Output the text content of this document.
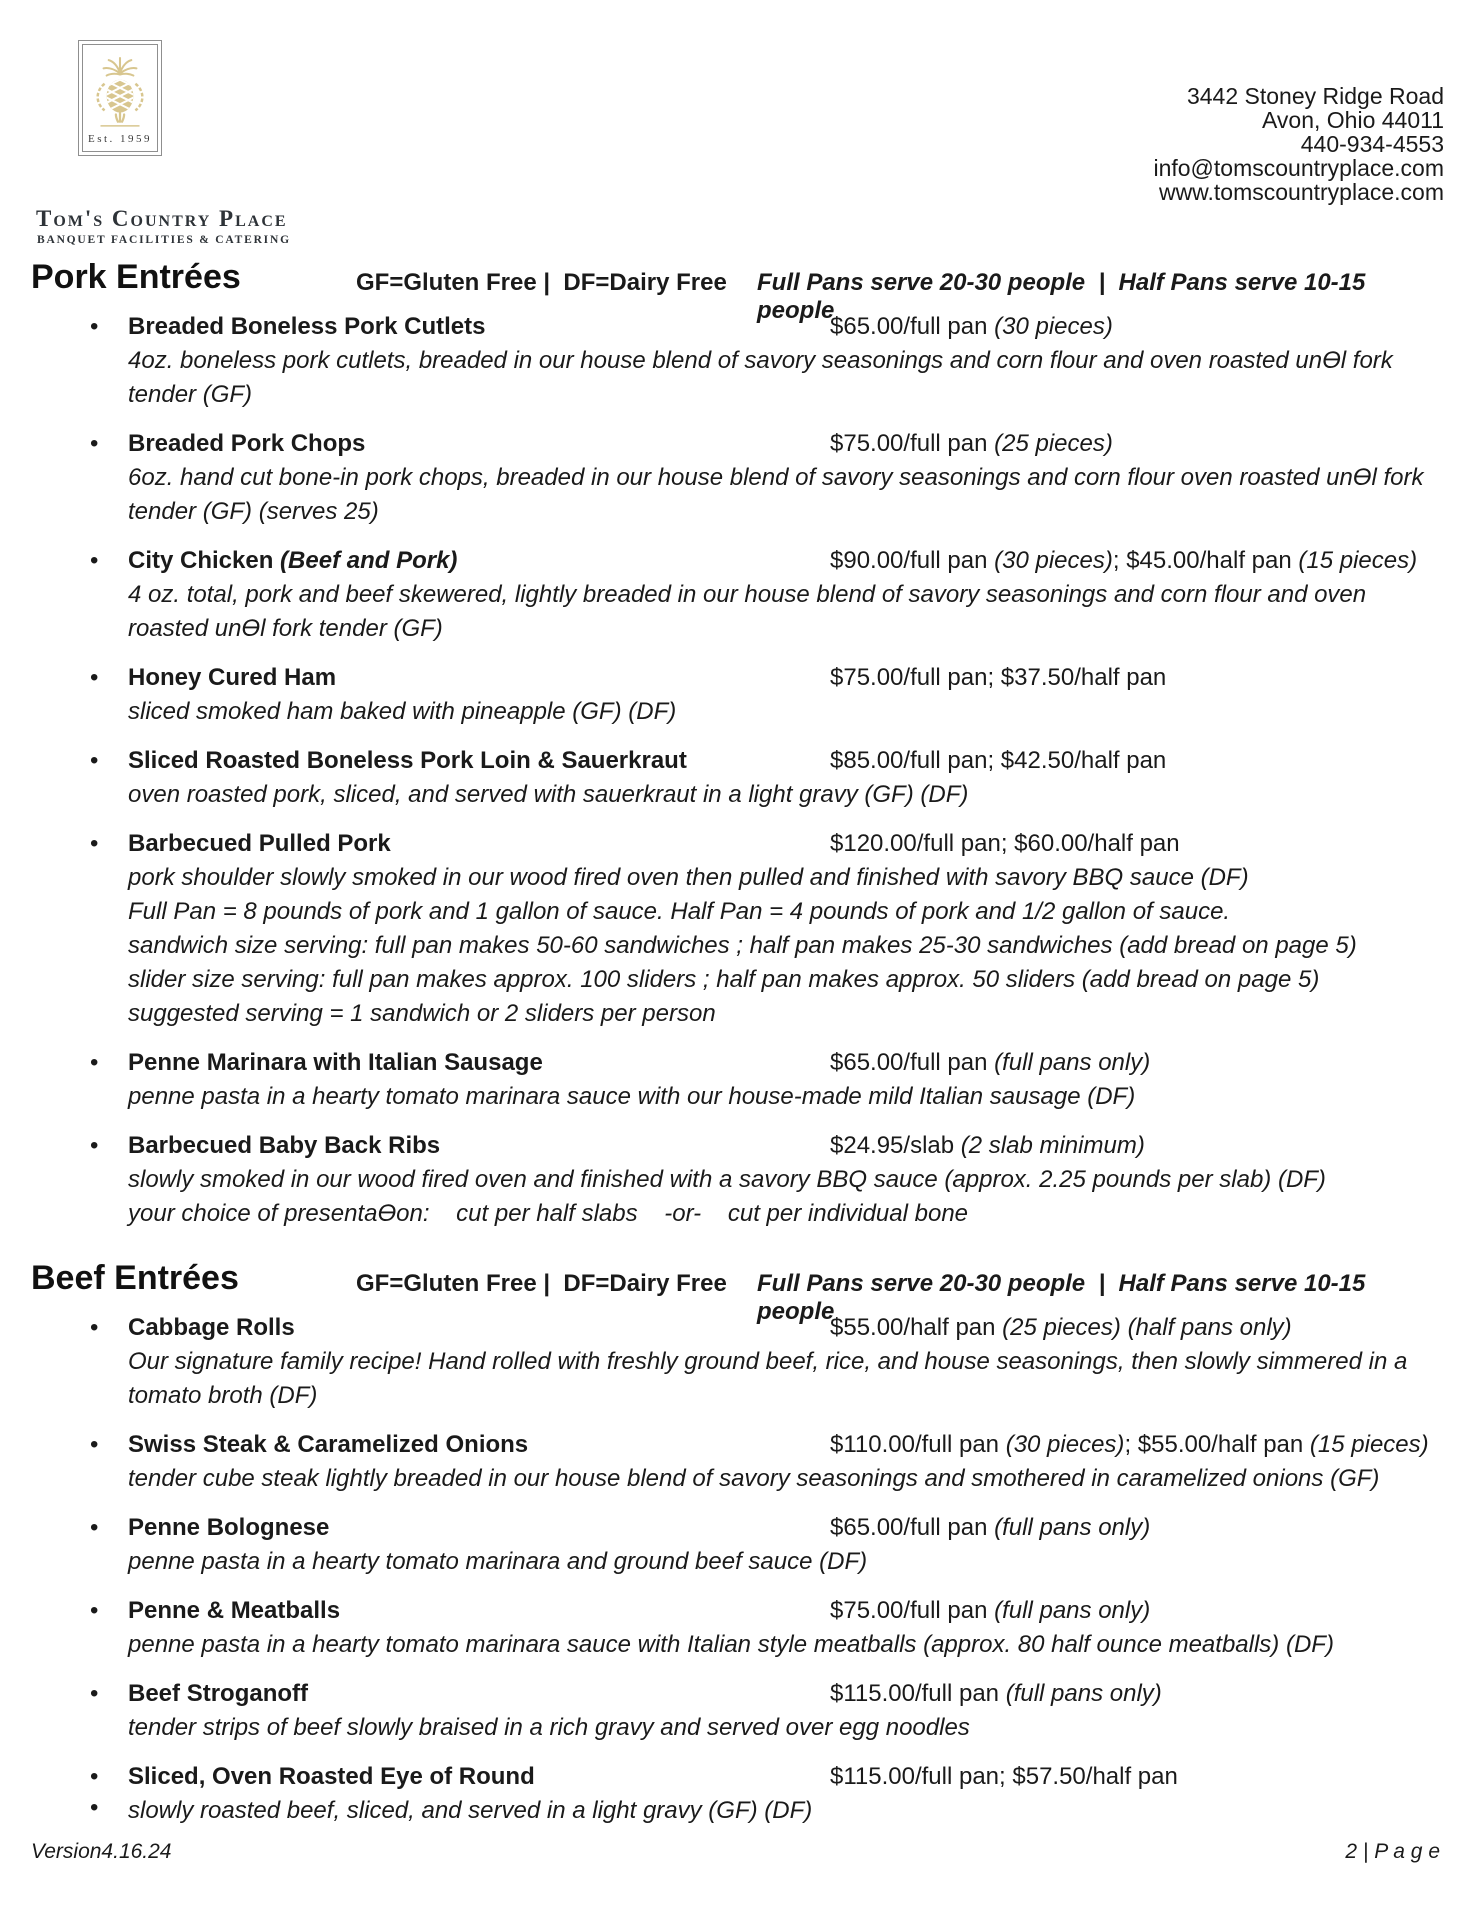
Est. 1959
Tom's Country Place
BANQUET FACILITIES & CATERING
3442 Stoney Ridge Road
Avon, Ohio 44011
440-934-4553
info@tomscountryplace.com
www.tomscountryplace.com
Pork Entrées	GF=Gluten Free |  DF=Dairy Free Full Pans serve 20-30 people  |  Half Pans serve 10-15 people
• Breaded Boneless Pork Cutlets	$65.00/full pan (30 pieces)
4oz. boneless pork cutlets, breaded in our house blend of savory seasonings and corn flour and oven roasted unƟl fork tender (GF)
• Breaded Pork Chops	$75.00/full pan (25 pieces)
6oz. hand cut bone-in pork chops, breaded in our house blend of savory seasonings and corn flour oven roasted unƟl fork tender (GF) (serves 25)
• City Chicken (Beef and Pork)	$90.00/full pan (30 pieces); $45.00/half pan (15 pieces)
4 oz. total, pork and beef skewered, lightly breaded in our house blend of savory seasonings and corn flour and oven roasted unƟl fork tender (GF)
• Honey Cured Ham	$75.00/full pan; $37.50/half pan
sliced smoked ham baked with pineapple (GF) (DF)
• Sliced Roasted Boneless Pork Loin & Sauerkraut	$85.00/full pan; $42.50/half pan
oven roasted pork, sliced, and served with sauerkraut in a light gravy (GF) (DF)
• Barbecued Pulled Pork	$120.00/full pan; $60.00/half pan
pork shoulder slowly smoked in our wood fired oven then pulled and finished with savory BBQ sauce (DF)
Full Pan = 8 pounds of pork and 1 gallon of sauce. Half Pan = 4 pounds of pork and 1/2 gallon of sauce.
sandwich size serving: full pan makes 50-60 sandwiches ; half pan makes 25-30 sandwiches (add bread on page 5)
slider size serving: full pan makes approx. 100 sliders ; half pan makes approx. 50 sliders (add bread on page 5)
suggested serving = 1 sandwich or 2 sliders per person
• Penne Marinara with Italian Sausage	$65.00/full pan (full pans only)
penne pasta in a hearty tomato marinara sauce with our house-made mild Italian sausage (DF)
• Barbecued Baby Back Ribs	$24.95/slab (2 slab minimum)
slowly smoked in our wood fired oven and finished with a savory BBQ sauce (approx. 2.25 pounds per slab) (DF)
your choice of presentaƟon:    cut per half slabs    -or-    cut per individual bone
Beef Entrées	GF=Gluten Free |  DF=Dairy Free Full Pans serve 20-30 people  |  Half Pans serve 10-15 people
• Cabbage Rolls	$55.00/half pan (25 pieces) (half pans only)
Our signature family recipe! Hand rolled with freshly ground beef, rice, and house seasonings, then slowly simmered in a tomato broth (DF)
• Swiss Steak & Caramelized Onions	$110.00/full pan (30 pieces); $55.00/half pan (15 pieces)
tender cube steak lightly breaded in our house blend of savory seasonings and smothered in caramelized onions (GF)
• Penne Bolognese	$65.00/full pan (full pans only)
penne pasta in a hearty tomato marinara and ground beef sauce (DF)
• Penne & Meatballs	$75.00/full pan (full pans only)
penne pasta in a hearty tomato marinara sauce with Italian style meatballs (approx. 80 half ounce meatballs) (DF)
• Beef Stroganoff	$115.00/full pan (full pans only)
tender strips of beef slowly braised in a rich gravy and served over egg noodles
• Sliced, Oven Roasted Eye of Round	$115.00/full pan; $57.50/half pan
slowly roasted beef, sliced, and served in a light gravy (GF) (DF)
•
Version4.16.24	2 | P a g e
